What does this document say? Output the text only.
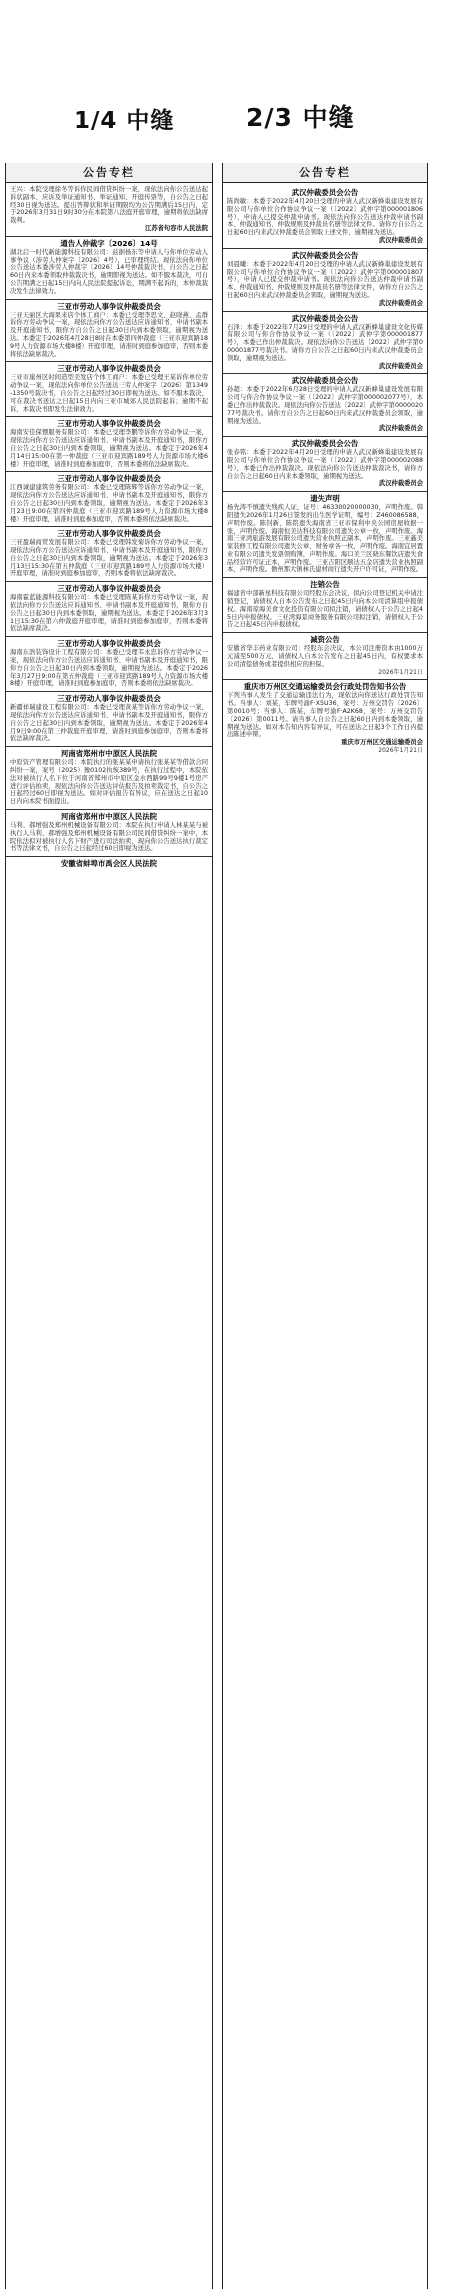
1/4 中缝	2/3 中缝
公告专栏
王兴：本院受理徐冬等诉你民间借贷纠纷一案，现依法向你公告送达起诉状副本、应诉及举证通知书、举证通知、开庭传票等，自公告之日起经30日视为送达。提出答辩状和举证期限均为公告期满后15日内，定于2026年3月31日9时30分在本院第八法庭开庭审理，逾期将依法缺席裁判。
江苏省句容市人民法院
通告人仲裁字〔2026〕14号
湖北启一时代新能源科技有限公司：兹据杨东等申请人与你单位劳动人事争议（涉劳人仲案字〔2026〕4号），已审理终结。现依法向你单位公告送达本委涉劳人仲裁字〔2026〕14号仲裁裁决书，自公告之日起60日内来本委领取仲裁裁决书，逾期即视为送达。如不服本裁决，可自公告期满之日起15日内向人民法院提起诉讼，期满不起诉的，本仲裁裁决发生法律效力。
三亚市劳动人事争议仲裁委员会
三亚天丽区大海果来店个体工商户：本委已受理李思文、赵晓燕、孟群诉你方劳动争议一案，现依法向你方公告送达应诉通知书、申请书副本及开庭通知书，限你方自公告之日起30日内到本委领取，逾期视为送达。本委定于2026年4月28日8时在本委第四仲裁庭（三亚市迎宾路189号人力资源市场大楼8楼）开庭审理，请准时到庭参加庭审，否则本委将依法缺席裁决。
三亚市劳动人事争议仲裁委员会
三亚市崖州区时间造型美发店个体工商户：本委已受理王某诉你单位劳动争议一案，现依法向你单位公告送达三劳人仲案字〔2026〕第1349-1350号裁决书，自公告之日起经过30日即视为送达。如不服本裁决，可在裁决书送达之日起15日内向三亚市城郊人民法院起诉；逾期不起诉，本裁决书即发生法律效力。
三亚市劳动人事争议仲裁委员会
海南安佳保镖服务有限公司：本委已受理李鹏等诉你方劳动争议一案，现依法向你方公告送达应诉通知书、申请书副本及开庭通知书，限你方自公告之日起30日内到本委领取，逾期视为送达。本委定于2026年4月14日15:00在第一仲裁庭（三亚市迎宾路189号人力资源市场大楼6楼）开庭审理，请准时到庭参加庭审，否则本委将依法缺席裁决。
三亚市劳动人事争议仲裁委员会
江西诚建建筑劳务有限公司：本委已受理陈辉等诉你方劳动争议一案，现依法向你方公告送达应诉通知书、申请书副本及开庭通知书，限你方自公告之日起30日内到本委领取，逾期视为送达。本委定于2026年3月23日9:00在第四仲裁庭（三亚市迎宾路189号人力资源市场大楼8楼）开庭审理，请准时到庭参加庭审，否则本委将依法缺席裁决。
三亚市劳动人事争议仲裁委员会
三亚盈瑞商贸发展有限公司：本委已受理韩发菊诉你方劳动争议一案，现依法向你方公告送达应诉通知书、申请书副本及开庭通知书，限你方自公告之日起30日内到本委领取，逾期视为送达。本委定于2026年3月13日15:30在第五仲裁庭（三亚市迎宾路189号人力资源市场大楼）开庭审理，请准时到庭参加庭审，否则本委将依法缺席裁决。
三亚市劳动人事争议仲裁委员会
海南霍蓝能源科技有限公司：本委已受理陈某诉你方劳动争议一案，现依法向你方公告送达应诉通知书、申请书副本及开庭通知书，限你方自公告之日起30日内到本委领取，逾期视为送达。本委定于2026年3月31日15:30在第六仲裁庭开庭审理，请准时到庭参加庭审，否则本委将依法缺席裁决。
三亚市劳动人事争议仲裁委员会
海南东浩装饰设计工程有限公司：本委已受理韦永忠诉你方劳动争议一案，现依法向你方公告送达应诉通知书、申请书副本及开庭通知书，限你方自公告之日起30日内到本委领取，逾期视为送达。本委定于2026年3月27日9:00在第五仲裁庭（三亚市迎宾路189号人力资源市场大楼8楼）开庭审理，请准时到庭参加庭审，否则本委将依法缺席裁决。
三亚市劳动人事争议仲裁委员会
新疆祥瑞建设工程有限公司：本委已受理黄某等诉你方劳动争议一案，现依法向你方公告送达应诉通知书、申请书副本及开庭通知书，限你方自公告之日起30日内到本委领取，逾期视为送达。本委定于2026年4月9日9:00在第三仲裁庭开庭审理，请准时到庭参加庭审，否则本委将依法缺席裁决。
河南省郑州市中原区人民法院
中原资产管理有限公司：本院执行的张某某申请执行张某某等借款合同纠纷一案，案号（2025）豫0102执恢389号，在执行过程中，本院依法对被执行人名下位于河南省郑州市中原区金水西路99号9楼1号房产进行评估拍卖，现依法向你公告送达评估报告及拍卖裁定书，自公告之日起经过60日即视为送达。如对评估报告有异议，应在送达之日起10日内向本院书面提出。
河南省郑州市中原区人民法院
马利、郝增强及郑州机械设备有限公司：本院在执行申请人林某某与被执行人马利、郝增强及郑州机械设备有限公司民间借贷纠纷一案中，本院依法拟对被执行人名下财产进行司法拍卖，现向你公告送达执行裁定书等法律文书，自公告之日起经过60日即视为送达。
安徽省蚌埠市禹会区人民法院
公告专栏
武汉仲裁委员会公告
陈尚敏：本委于2022年4月20日受理的申请人武汉新蜂巢建设发展有限公司与你单位合作协议争议一案（〔2022〕武仲字第000001806号），申请人已提交仲裁申请书。现依法向你公告送达仲裁申请书副本、仲裁通知书、仲裁规则及仲裁员名册等法律文件。请你方自公告之日起60日内来武汉仲裁委员会领取上述文件，逾期视为送达。
武汉仲裁委员会
武汉仲裁委员会公告
刘晨曦：本委于2022年4月20日受理的申请人武汉新蜂巢建设发展有限公司与你单位合作协议争议一案（〔2022〕武仲字第000001807号），申请人已提交仲裁申请书。现依法向你公告送达仲裁申请书副本、仲裁通知书、仲裁规则及仲裁员名册等法律文件，请你方自公告之日起60日内来武汉仲裁委员会领取，逾期视为送达。
武汉仲裁委员会
武汉仲裁委员会公告
石泽：本委于2022年7月29日受理的申请人武汉新蜂巢建设文化传媒有限公司与你合作协议争议一案（〔2022〕武仲字第000001877号），本委已作出仲裁裁决。现依法向你公告送达〔2022〕武仲字第000001877号裁决书。请你方自公告之日起60日内来武汉仲裁委员会领取，逾期视为送达。
武汉仲裁委员会
武汉仲裁委员会公告
孙超：本委于2022年6月28日受理的申请人武汉新蜂巢建设发展有限公司与你合作协议争议一案（〔2022〕武仲字第000002077号），本委已作出仲裁裁决。现依法向你公告送达〔2022〕武仲字第000002077号裁决书。请你方自公告之日起60日内来武汉仲裁委员会领取，逾期视为送达。
武汉仲裁委员会
武汉仲裁委员会公告
张春铭：本委于2022年4月20日受理的申请人武汉新蜂巢建设发展有限公司与你单位合作协议争议一案（〔2022〕武仲字第000002088号），本委已作出仲裁裁决。现依法向你公告送达仲裁裁决书，请你方自公告之日起60日内来本委领取，逾期视为送达。
武汉仲裁委员会
遗失声明
杨先涛不慎遗失残疾人证，证号：46330020000030，声明作废。韩阳遗失2026年1月26日签发的出生医学证明，编号：Z460086588，声明作废。陈钊新、陈铭遗失海南省三亚市保利中央公园房屋收据一张，声明作废。海南恒美达科技有限公司遗失公章一枚，声明作废。海南三亚湾旅游发展有限公司遗失营业执照正副本，声明作废。三亚鑫美家装修工程有限公司遗失公章、财务章各一枚，声明作废。海南宜居置业有限公司遗失发票领购簿，声明作废。海口美兰区晓东餐饮店遗失食品经营许可证正本，声明作废。三亚吉阳区顺达五金店遗失营业执照副本，声明作废。儋州那大镇林氏建材商行遗失开户许可证，声明作废。
注销公告
福建省中部新星科技有限公司经股东会决议，拟向公司登记机关申请注销登记，请债权人自本公告发布之日起45日内向本公司清算组申报债权。海南琼海美食文化投资有限公司拟注销，请债权人于公告之日起45日内申报债权。三亚湾海景商务服务有限公司拟注销，请债权人于公告之日起45日内申报债权。
减资公告
安徽省华丰药业有限公司：经股东会决议，本公司注册资本由1000万元减至500万元，请债权人自本公告发布之日起45日内，有权要求本公司清偿债务或者提供相应的担保。
2026年1月21日
重庆市万州区交通运输委员会行政处罚告知书公告
下列当事人发生了交通运输违法行为，现依法向你送达行政处罚告知书。当事人：刘某，车牌号渝F·X5U36，案号：万州交罚告〔2026〕第0010号；当事人：陈某，车牌号渝F·A2K68，案号：万州交罚告〔2026〕第0011号。请当事人自公告之日起60日内到本委领取，逾期视为送达。如对本告知内容有异议，可在送达之日起3个工作日内提出陈述申辩。
重庆市万州区交通运输委员会
2026年1月21日
